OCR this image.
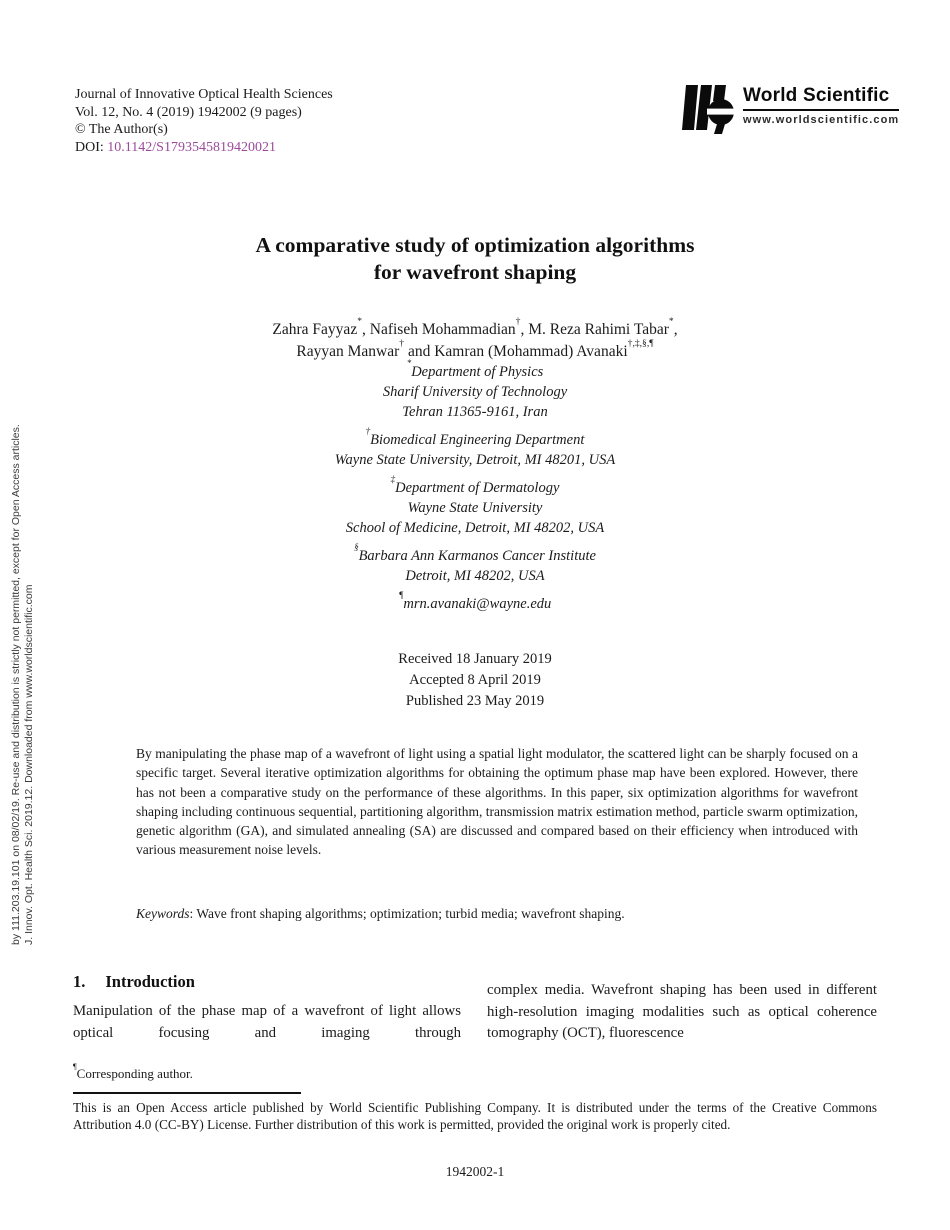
by 111.203.19.101 on 08/02/19. Re-use and distribution is strictly not permitted, except for Open Access articles. J. Innov. Opt. Health Sci. 2019.12. Downloaded from www.worldscientific.com
Journal of Innovative Optical Health Sciences
Vol. 12, No. 4 (2019) 1942002 (9 pages)
© The Author(s)
DOI: 10.1142/S1793545819420021
World Scientific
www.worldscientific.com
A comparative study of optimization algorithms
for wavefront shaping
Zahra Fayyaz*, Nafiseh Mohammadian†, M. Reza Rahimi Tabar*,
Rayyan Manwar† and Kamran (Mohammad) Avanaki†,‡,§,¶
*Department of Physics
Sharif University of Technology
Tehran 11365-9161, Iran
†Biomedical Engineering Department
Wayne State University, Detroit, MI 48201, USA
‡Department of Dermatology
Wayne State University
School of Medicine, Detroit, MI 48202, USA
§Barbara Ann Karmanos Cancer Institute
Detroit, MI 48202, USA
¶mrn.avanaki@wayne.edu
Received 18 January 2019
Accepted 8 April 2019
Published 23 May 2019
By manipulating the phase map of a wavefront of light using a spatial light modulator, the scattered light can be sharply focused on a specific target. Several iterative optimization algorithms for obtaining the optimum phase map have been explored. However, there has not been a comparative study on the performance of these algorithms. In this paper, six optimization algorithms for wavefront shaping including continuous sequential, partitioning algorithm, transmission matrix estimation method, particle swarm optimization, genetic algorithm (GA), and simulated annealing (SA) are discussed and compared based on their efficiency when introduced with various measurement noise levels.
Keywords: Wave front shaping algorithms; optimization; turbid media; wavefront shaping.
1. Introduction
Manipulation of the phase map of a wavefront of light allows optical focusing and imaging through
complex media. Wavefront shaping has been used in different high-resolution imaging modalities such as optical coherence tomography (OCT), fluorescence
¶Corresponding author.
This is an Open Access article published by World Scientific Publishing Company. It is distributed under the terms of the Creative Commons Attribution 4.0 (CC-BY) License. Further distribution of this work is permitted, provided the original work is properly cited.
1942002-1
